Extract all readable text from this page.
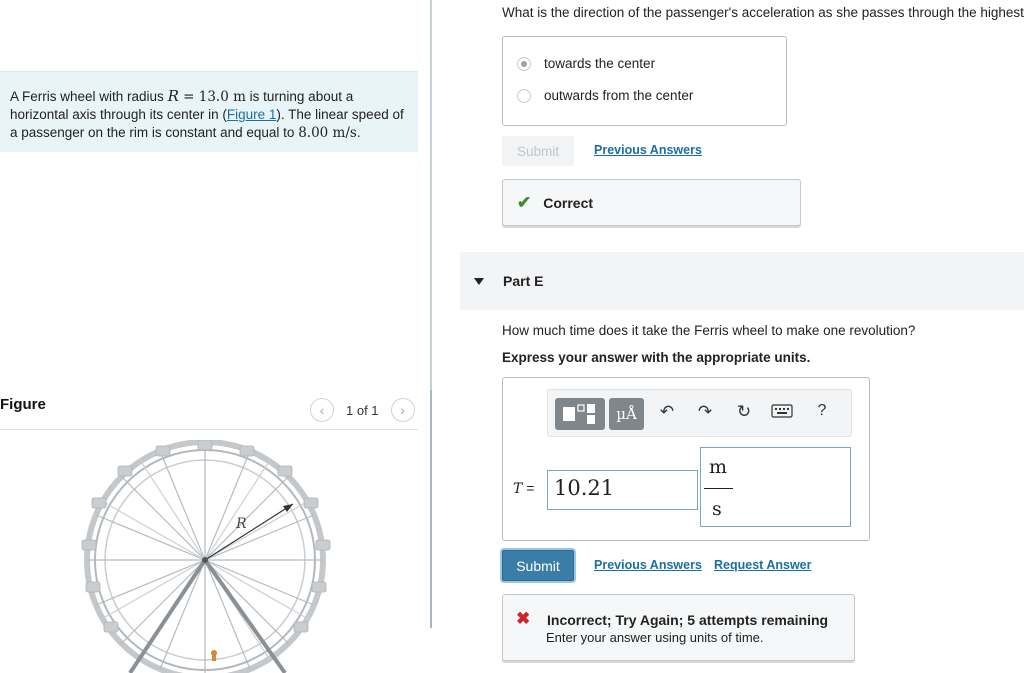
A Ferris wheel with radius R = 13.0 m is turning about a horizontal axis through its center in (Figure 1). The linear speed of a passenger on the rim is constant and equal to 8.00 m/s.
Figure	‹	1 of 1	›
R
What is the direction of the passenger's acceleration as she passes through the highest
towards the center
outwards from the center
Submit	Previous Answers
✔ Correct
Part E
How much time does it take the Ferris wheel to make one revolution?
Express your answer with the appropriate units.
µÅ	↶ ↷ ↻	?
T = 10.21
m
s
Submit	Previous Answers Request Answer
✖ Incorrect; Try Again; 5 attempts remaining
Enter your answer using units of time.
